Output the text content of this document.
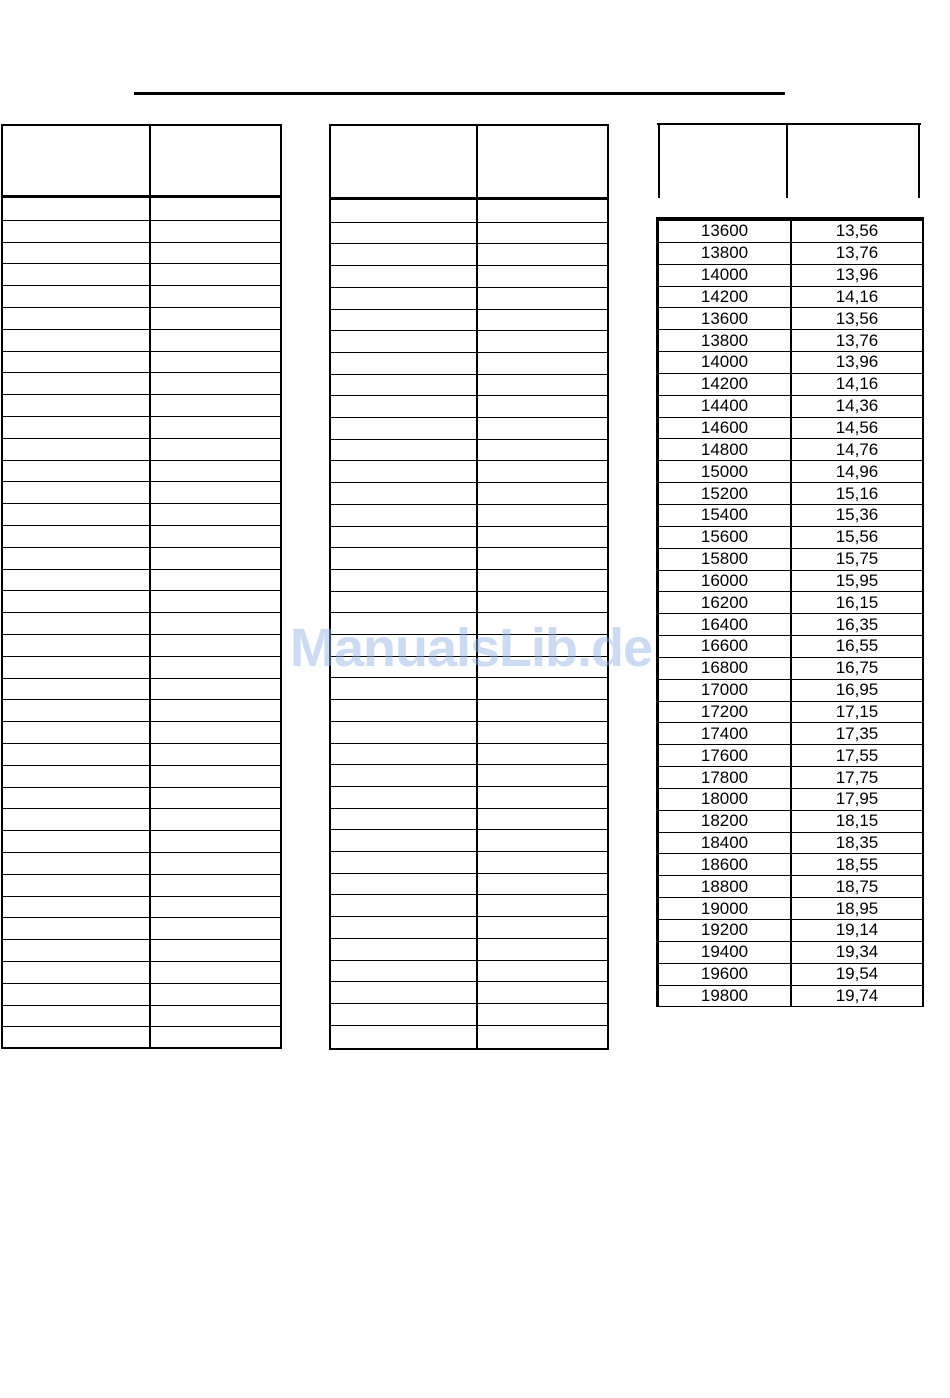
13600	13,56
13800	13,76
14000	13,96
14200	14,16
13600	13,56
13800	13,76
14000	13,96
14200	14,16
14400	14,36
14600	14,56
14800	14,76
15000	14,96
15200	15,16
15400	15,36
15600	15,56
15800	15,75
16000	15,95
16200	16,15
16400	16,35
16600	16,55
16800	16,75
17000	16,95
17200	17,15
17400	17,35
17600	17,55
17800	17,75
18000	17,95
18200	18,15
18400	18,35
18600	18,55
18800	18,75
19000	18,95
19200	19,14
19400	19,34
19600	19,54
19800	19,74
ManualsLib.de
